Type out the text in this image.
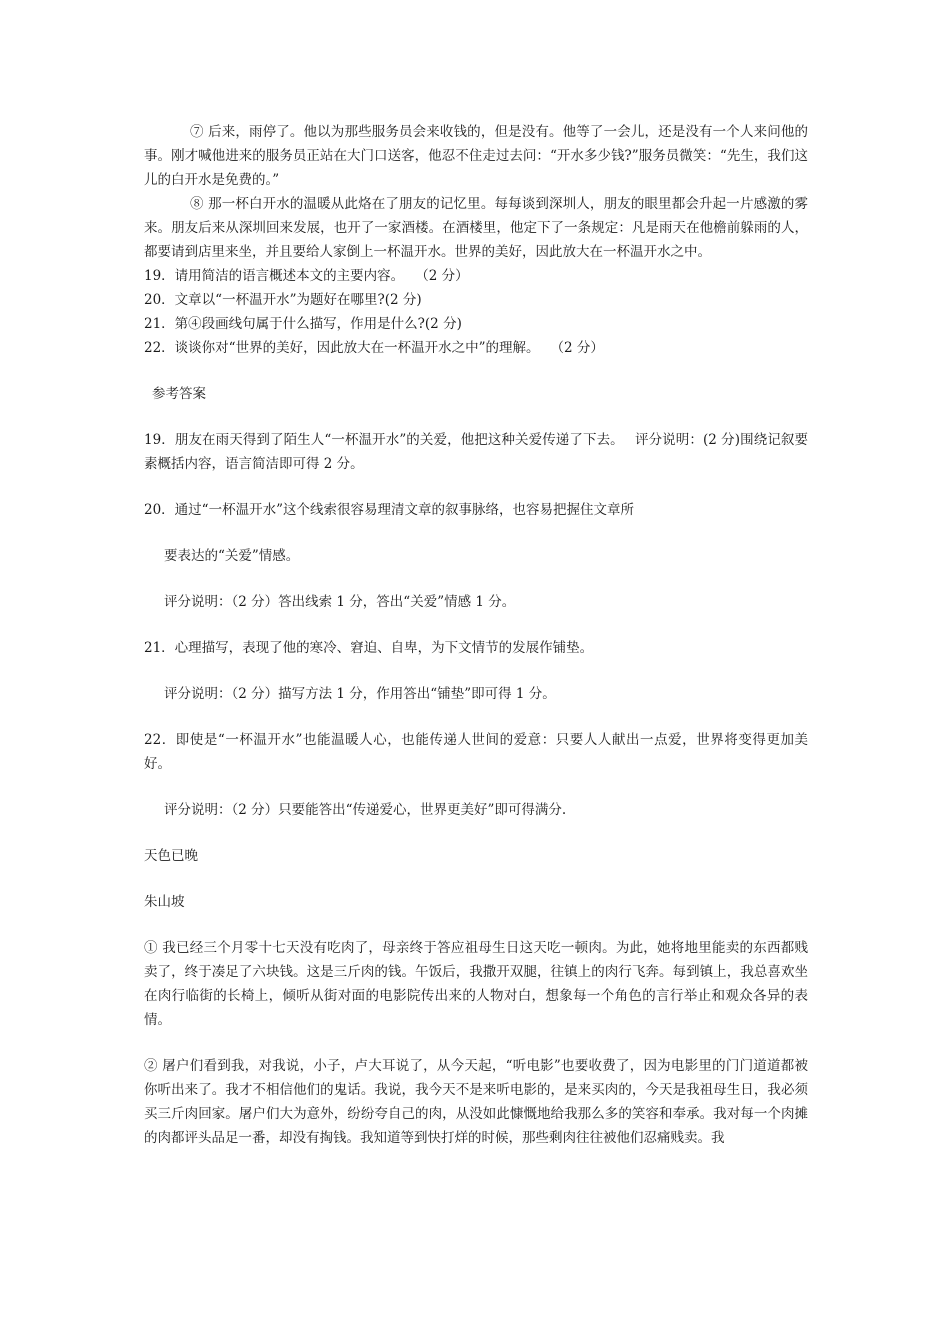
⑦ 后来，雨停了。他以为那些服务员会来收钱的，但是没有。他等了一会儿，还是没有一个人来问他的事。刚才喊他进来的服务员正站在大门口送客，他忍不住走过去问：“开水多少钱?”服务员微笑：“先生，我们这儿的白开水是免费的。”

⑧ 那一杯白开水的温暖从此烙在了朋友的记忆里。每每谈到深圳人，朋友的眼里都会升起一片感激的雾来。朋友后来从深圳回来发展，也开了一家酒楼。在酒楼里，他定下了一条规定：凡是雨天在他檐前躲雨的人，都要请到店里来坐，并且要给人家倒上一杯温开水。世界的美好，因此放大在一杯温开水之中。

19．请用简洁的语言概述本文的主要内容。　 （2 分）

20．文章以“一杯温开水”为题好在哪里?(2 分)

21．第④段画线句属于什么描写，作用是什么?(2 分)

22．谈谈你对“世界的美好，因此放大在一杯温开水之中”的理解。　 （2 分）

参考答案

19．朋友在雨天得到了陌生人“一杯温开水”的关爱，他把这种关爱传递了下去。　 评分说明：(2 分)围绕记叙要素概括内容，语言简洁即可得 2 分。

20．通过“一杯温开水”这个线索很容易理清文章的叙事脉络，也容易把握住文章所

要表达的“关爱”情感。

评分说明：（2 分）答出线索 1 分，答出“关爱”情感 1 分。

21．心理描写，表现了他的寒冷、窘迫、自卑，为下文情节的发展作铺垫。

评分说明：（2 分）描写方法 1 分，作用答出“铺垫”即可得 1 分。

22．即使是“一杯温开水”也能温暖人心，也能传递人世间的爱意：只要人人献出一点爱，世界将变得更加美好。

评分说明：（2 分）只要能答出“传递爱心，世界更美好”即可得满分.

天色已晚

朱山坡

① 我已经三个月零十七天没有吃肉了，母亲终于答应祖母生日这天吃一顿肉。为此，她将地里能卖的东西都贱卖了，终于凑足了六块钱。这是三斤肉的钱。午饭后，我撒开双腿，往镇上的肉行飞奔。每到镇上，我总喜欢坐在肉行临街的长椅上，倾听从街对面的电影院传出来的人物对白，想象每一个角色的言行举止和观众各异的表情。

② 屠户们看到我，对我说，小子，卢大耳说了，从今天起，“听电影”也要收费了，因为电影里的门门道道都被你听出来了。我才不相信他们的鬼话。我说，我今天不是来听电影的，是来买肉的，今天是我祖母生日，我必须买三斤肉回家。屠户们大为意外，纷纷夸自己的肉，从没如此慷慨地给我那么多的笑容和奉承。我对每一个肉摊的肉都评头品足一番，却没有掏钱。我知道等到快打烊的时候，那些剩肉往往被他们忍痛贱卖。我
